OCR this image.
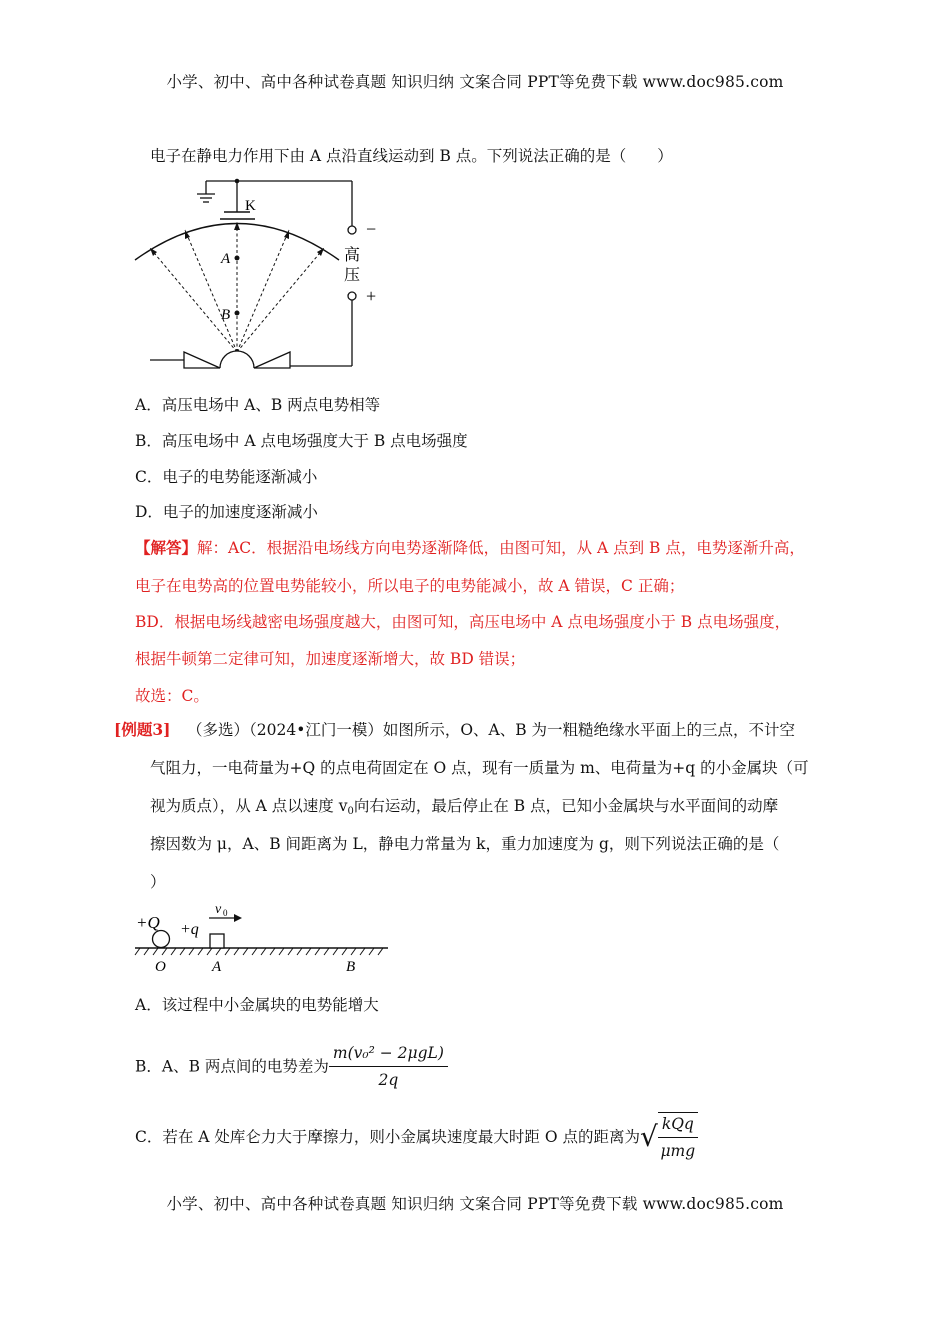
小学、初中、高中各种试卷真题 知识归纳 文案合同 PPT等免费下载 www.doc985.com
电子在静电力作用下由 A 点沿直线运动到 B 点。下列说法正确的是（　　）
K
−
高
压
+
A
B
A．高压电场中 A、B 两点电势相等
B．高压电场中 A 点电场强度大于 B 点电场强度
C．电子的电势能逐渐减小
D．电子的加速度逐渐减小
【解答】解：AC．根据沿电场线方向电势逐渐降低，由图可知，从 A 点到 B 点，电势逐渐升高，
电子在电势高的位置电势能较小，所以电子的电势能减小，故 A 错误，C 正确；
BD．根据电场线越密电场强度越大，由图可知，高压电场中 A 点电场强度小于 B 点电场强度，
根据牛顿第二定律可知，加速度逐渐增大，故 BD 错误；
故选：C。
[例题3] （多选）（2024•江门一模）如图所示，O、A、B 为一粗糙绝缘水平面上的三点，不计空
气阻力，一电荷量为+Q 的点电荷固定在 O 点，现有一质量为 m、电荷量为+q 的小金属块（可
视为质点），从 A 点以速度 $v_0$向右运动，最后停止在 B 点，已知小金属块与水平面间的动摩
擦因数为 μ，A、B 间距离为 L，静电力常量为 k，重力加速度为 g，则下列说法正确的是（
）
+Q +q
v 0
O	A	B
A．该过程中小金属块的电势能增大
B．A、B 两点间的电势差为 $\frac{\text{m(v₀² − 2μgL)}}{2q}$
C．若在 A 处库仑力大于摩擦力，则小金属块速度最大时距 O 点的距离为√ $\frac{\text{kQq}}{\text{μmg}}$
小学、初中、高中各种试卷真题 知识归纳 文案合同 PPT等免费下载 www.doc985.com
